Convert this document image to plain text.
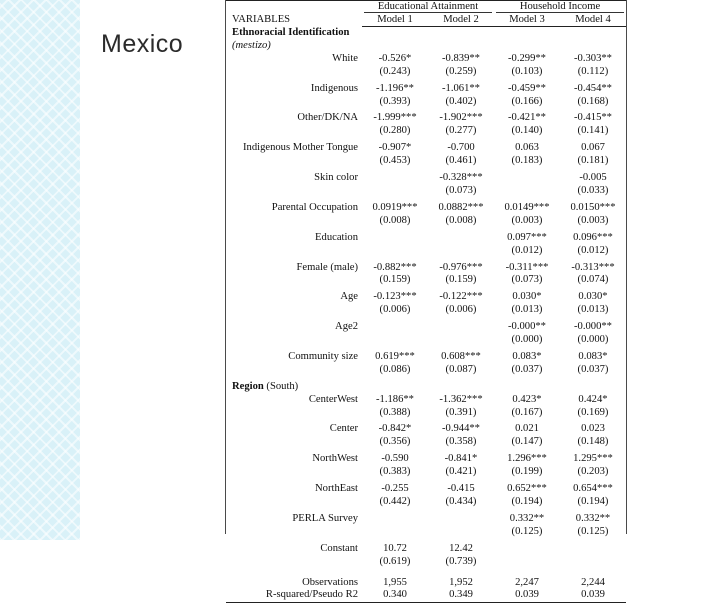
Mexico
	Educational Attainment		Household Income	
VARIABLES	Model 1	Model 2	Model 3	Model 4
Ethnoracial Identification				
(mestizo)				
White	-0.526*	-0.839**	-0.299**	-0.303**
	(0.243)	(0.259)	(0.103)	(0.112)

Indigenous	-1.196**	-1.061**	-0.459**	-0.454**
	(0.393)	(0.402)	(0.166)	(0.168)

Other/DK/NA	-1.999***	-1.902***	-0.421**	-0.415**
	(0.280)	(0.277)	(0.140)	(0.141)

Indigenous Mother Tongue	-0.907*	-0.700	0.063	0.067
	(0.453)	(0.461)	(0.183)	(0.181)

Skin color		-0.328***		-0.005
		(0.073)		(0.033)

Parental Occupation	0.0919***	0.0882***	0.0149***	0.0150***
	(0.008)	(0.008)	(0.003)	(0.003)

Education			0.097***	0.096***
			(0.012)	(0.012)

Female (male)	-0.882***	-0.976***	-0.311***	-0.313***
	(0.159)	(0.159)	(0.073)	(0.074)

Age	-0.123***	-0.122***	0.030*	0.030*
	(0.006)	(0.006)	(0.013)	(0.013)

Age2			-0.000**	-0.000**
			(0.000)	(0.000)

Community size	0.619***	0.608***	0.083*	0.083*
	(0.086)	(0.087)	(0.037)	(0.037)

Region (South)				
CenterWest	-1.186**	-1.362***	0.423*	0.424*
	(0.388)	(0.391)	(0.167)	(0.169)

Center	-0.842*	-0.944**	0.021	0.023
	(0.356)	(0.358)	(0.147)	(0.148)

NorthWest	-0.590	-0.841*	1.296***	1.295***
	(0.383)	(0.421)	(0.199)	(0.203)

NorthEast	-0.255	-0.415	0.652***	0.654***
	(0.442)	(0.434)	(0.194)	(0.194)

PERLA Survey			0.332**	0.332**
			(0.125)	(0.125)

Constant	10.72	12.42		
	(0.619)	(0.739)		

Observations	1,955	1,952	2,247	2,244
R-squared/Pseudo R2	0.340	0.349	0.039	0.039
